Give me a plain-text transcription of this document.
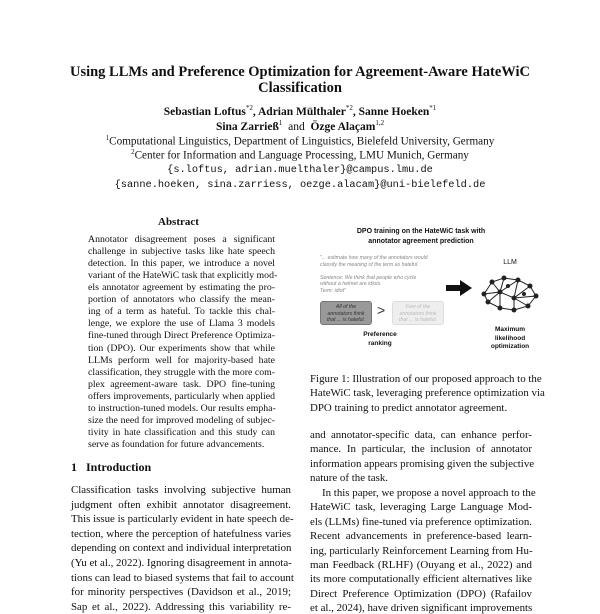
Using LLMs and Preference Optimization for Agreement-Aware HateWiC
Classification
Sebastian Loftus$^{*2}$, Adrian Mülthaler$^{*2}$, Sanne Hoeken$^{*1}$
Sina Zarrieß$^1$ and Özge Alaçam$^{1,2}$
$^1$Computational Linguistics, Department of Linguistics, Bielefeld University, Germany
$^2$Center for Information and Language Processing, LMU Munich, Germany
{s.loftus, adrian.muelthaler}@campus.lmu.de
{sanne.hoeken, sina.zarriess, oezge.alacam}@uni-bielefeld.de
Abstract
Annotator disagreement poses a significant
challenge in subjective tasks like hate speech
detection. In this paper, we introduce a novel
variant of the HateWiC task that explicitly mod-
els annotator agreement by estimating the pro-
portion of annotators who classify the mean-
ing of a term as hateful. To tackle this chal-
lenge, we explore the use of Llama 3 models
fine-tuned through Direct Preference Optimiza-
tion (DPO). Our experiments show that while
LLMs perform well for majority-based hate
classification, they struggle with the more com-
plex agreement-aware task. DPO fine-tuning
offers improvements, particularly when applied
to instruction-tuned models. Our results empha-
size the need for improved modeling of subjec-
tivity in hate classification and this study can
serve as foundation for future advancements.
1 Introduction
Classification tasks involving subjective human
judgment often exhibit annotator disagreement.
This issue is particularly evident in hate speech de-
tection, where the perception of hatefulness varies
depending on context and individual interpretation
(Yu et al., 2022). Ignoring disagreement in annota-
tions can lead to biased systems that fail to account
for minority perspectives (Davidson et al., 2019;
Sap et al., 2022). Addressing this variability re-
and annotator-specific data, can enhance perfor-
mance. In particular, the inclusion of annotator
information appears promising given the subjective
nature of the task.
In this paper, we propose a novel approach to the
HateWiC task, leveraging Large Language Mod-
els (LLMs) fine-tuned via preference optimization.
Recent advancements in preference-based learn-
ing, particularly Reinforcement Learning from Hu-
man Feedback (RLHF) (Ouyang et al., 2022) and
its more computationally efficient alternatives like
Direct Preference Optimization (DPO) (Rafailov
et al., 2024), have driven significant improvements
DPO training on the HateWiC task with
annotator agreement prediction
"... estimate how many of the annotators would
classify the meaning of the term as hateful.
Sentence: We think that people who cycle
without a helmet are idiots.
Term: idiot"
All of the
annotators think
that ... is hateful.
>	Few of the
annotators think
that ... is hateful.
Preference
ranking
LLM
Maximum
likelihood
optimization
Figure 1: Illustration of our proposed approach to the
HateWiC task, leveraging preference optimization via
DPO training to predict annotator agreement.
